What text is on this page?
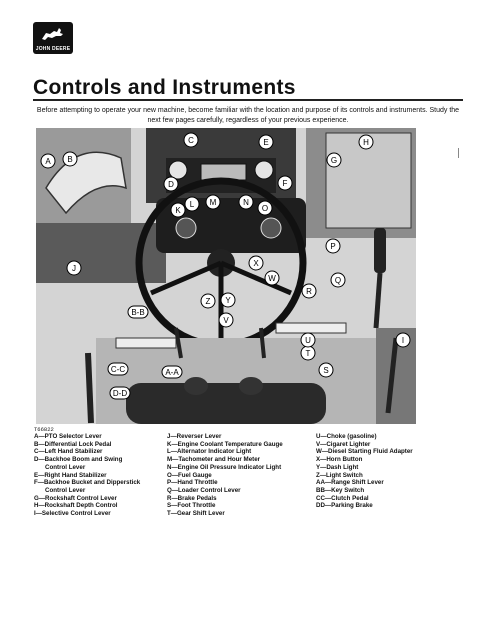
JOHN DEERE
Controls and Instruments
Before attempting to operate your new machine, become familiar with the location and purpose of its controls and instruments. Study the next few pages carefully, regardless of your previous experience.
A B
C
D
E
F
G
H
I
J
K
L M	N
O
P
Q
R
S
T
U
V
W
X
Y
Z
A-A
B-B
C-C
D-D
T66822
A—PTO Selector Lever
B—Differential Lock Pedal
C—Left Hand Stabilizer
D—Backhoe Boom and Swing
Control Lever
E—Right Hand Stabilizer
F—Backhoe Bucket and Dipperstick
Control Lever
G—Rockshaft Control Lever
H—Rockshaft Depth Control
I—Selective Control Lever
J—Reverser Lever
K—Engine Coolant Temperature Gauge
L—Alternator Indicator Light
M—Tachometer and Hour Meter
N—Engine Oil Pressure Indicator Light
O—Fuel Gauge
P—Hand Throttle
Q—Loader Control Lever
R—Brake Pedals
S—Foot Throttle
T—Gear Shift Lever
U—Choke (gasoline)
V—Cigaret Lighter
W—Diesel Starting Fluid Adapter
X—Horn Button
Y—Dash Light
Z—Light Switch
AA—Range Shift Lever
BB—Key Switch
CC—Clutch Pedal
DD—Parking Brake
